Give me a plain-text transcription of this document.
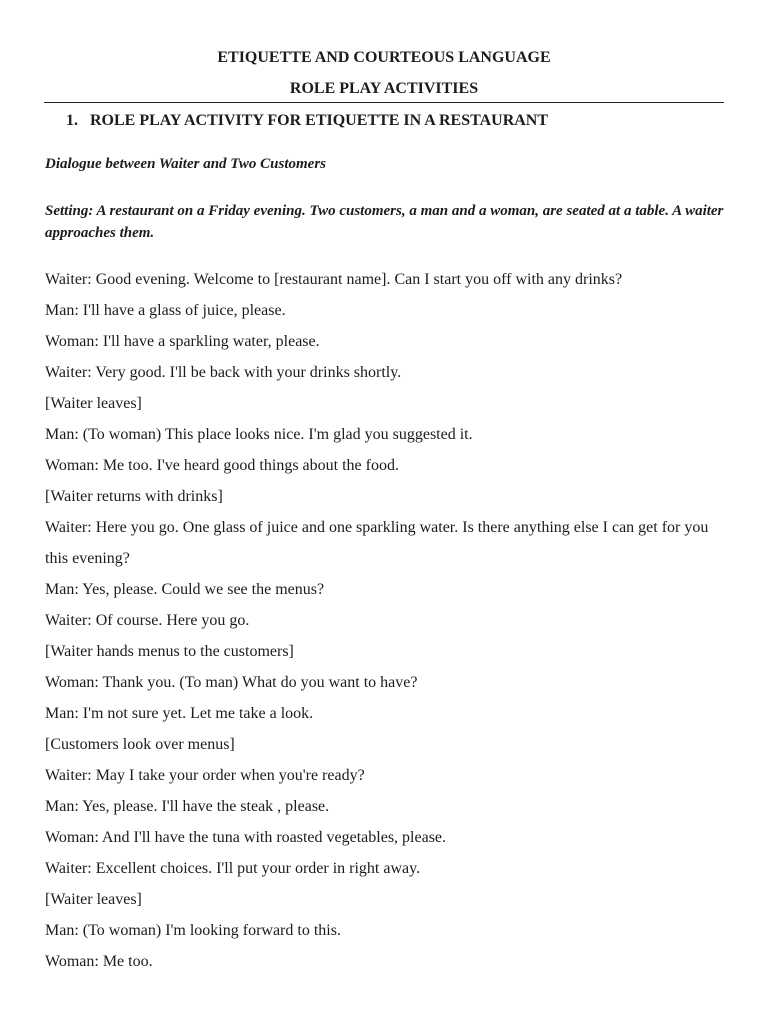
ETIQUETTE AND COURTEOUS LANGUAGE
ROLE PLAY ACTIVITIES
1. ROLE PLAY ACTIVITY FOR ETIQUETTE IN A RESTAURANT
Dialogue between Waiter and Two Customers
Setting: A restaurant on a Friday evening. Two customers, a man and a woman, are seated at a table. A waiter approaches them.
Waiter: Good evening. Welcome to [restaurant name]. Can I start you off with any drinks?
Man: I'll have a glass of juice, please.
Woman: I'll have a sparkling water, please.
Waiter: Very good. I'll be back with your drinks shortly.
[Waiter leaves]
Man: (To woman) This place looks nice. I'm glad you suggested it.
Woman: Me too. I've heard good things about the food.
[Waiter returns with drinks]
Waiter: Here you go. One glass of juice and one sparkling water. Is there anything else I can get for you this evening?
Man: Yes, please. Could we see the menus?
Waiter: Of course. Here you go.
[Waiter hands menus to the customers]
Woman: Thank you. (To man) What do you want to have?
Man: I'm not sure yet. Let me take a look.
[Customers look over menus]
Waiter: May I take your order when you're ready?
Man: Yes, please. I'll have the steak , please.
Woman: And I'll have the tuna with roasted vegetables, please.
Waiter: Excellent choices. I'll put your order in right away.
[Waiter leaves]
Man: (To woman) I'm looking forward to this.
Woman: Me too.
